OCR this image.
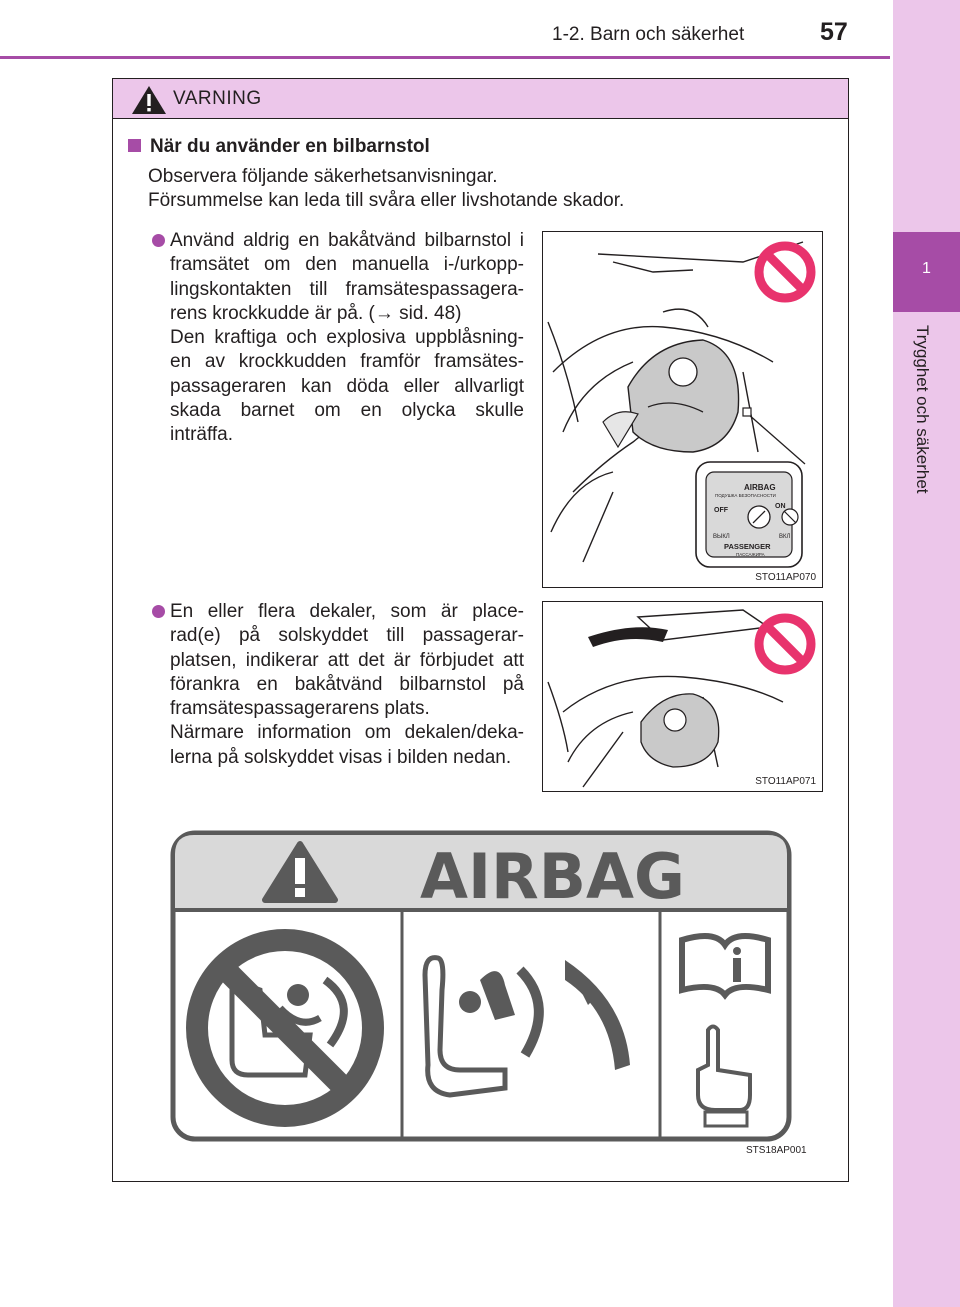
1-2. Barn och säkerhet	57
1
Trygghet och säkerhet
VARNING
När du använder en bilbarnstol
Observera följande säkerhetsanvisningar.
Försummelse kan leda till svåra eller livshotande skador.
Använd aldrig en bakåtvänd bilbarnstol i
framsätet om den manuella i-/urkopp-
lingskontakten till framsätespassagera-
rens krockkudde är på. (→ sid. 48)
Den kraftiga och explosiva uppblåsning-
en av krockkudden framför framsätes-
passageraren kan döda eller allvarligt
skada barnet om en olycka skulle
inträffa.
AIRBAG
ПОДУШКА БЕЗОПАСНОСТИ
OFF
ON
ВЫКЛ	ВКЛ
PASSENGER
ПАССАЖИРА
STO11AP070
En eller flera dekaler, som är place-
rad(e) på solskyddet till passagerar-
platsen, indikerar att det är förbjudet att
förankra en bakåtvänd bilbarnstol på
framsätespassagerarens plats.
Närmare information om dekalen/deka-
lerna på solskyddet visas i bilden nedan.
STO11AP071
AIRBAG
STS18AP001
